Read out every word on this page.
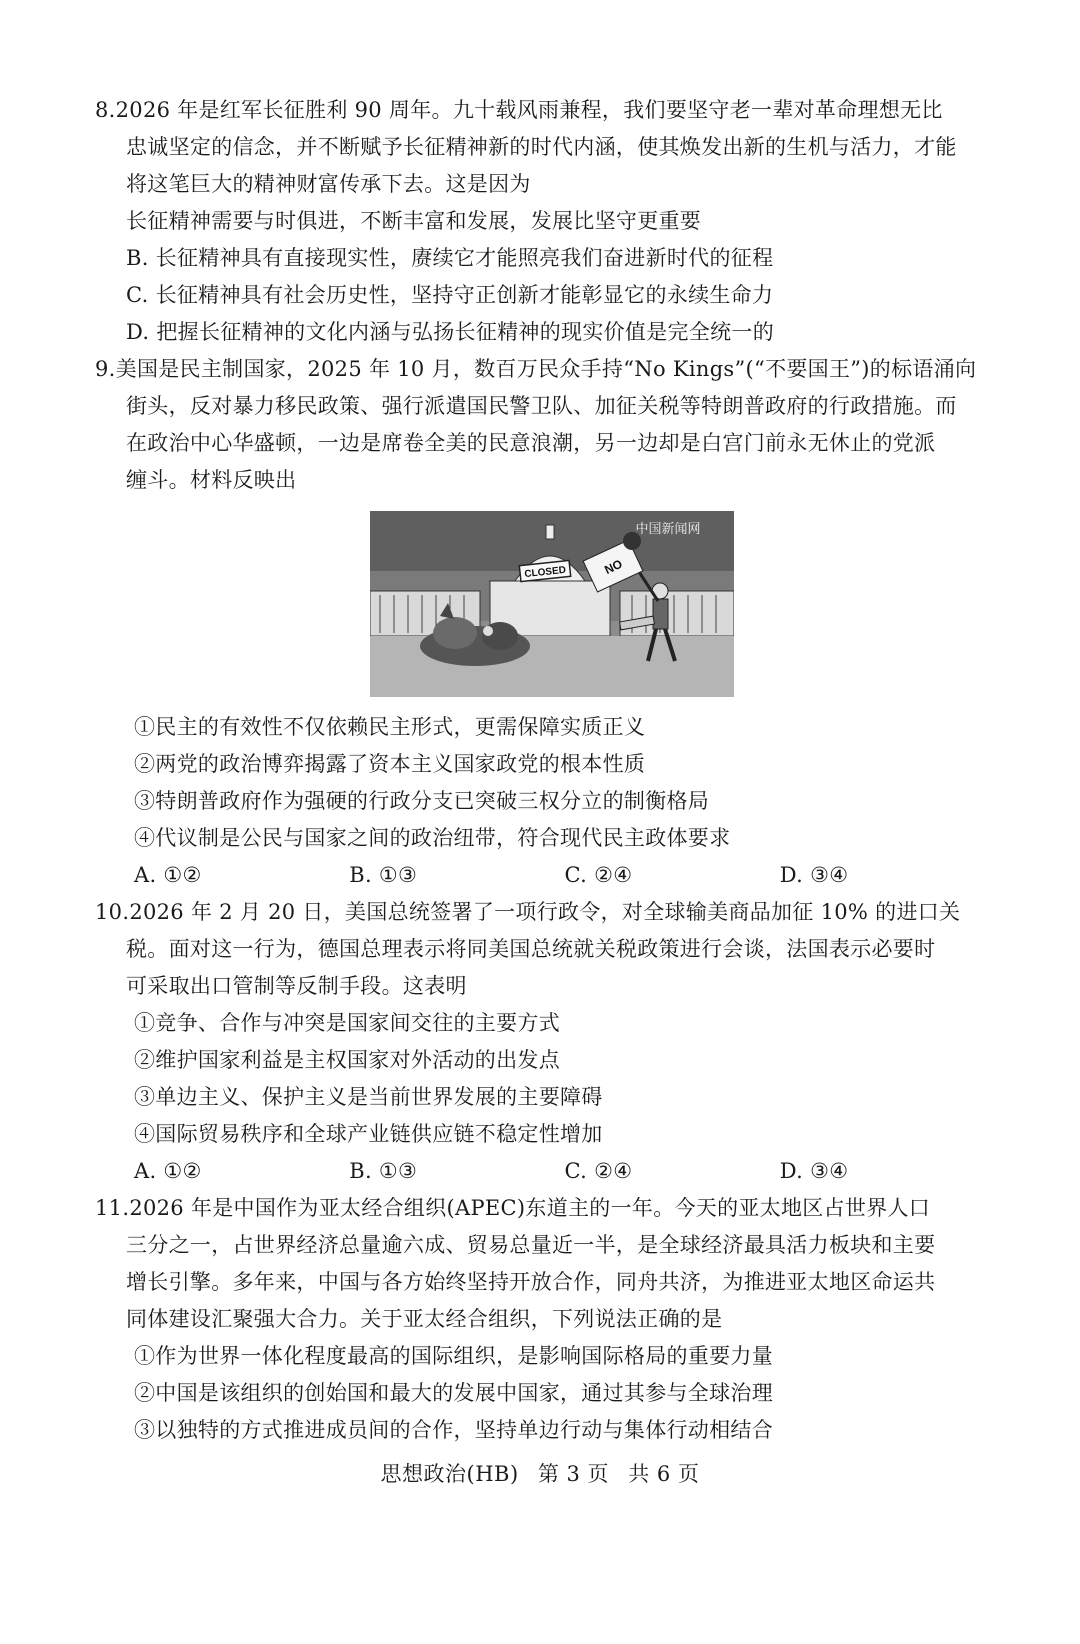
8.2026 年是红军长征胜利 90 周年。九十载风雨兼程，我们要坚守老一辈对革命理想无比
忠诚坚定的信念，并不断赋予长征精神新的时代内涵，使其焕发出新的生机与活力，才能
将这笔巨大的精神财富传承下去。这是因为
长征精神需要与时俱进，不断丰富和发展，发展比坚守更重要
B. 长征精神具有直接现实性，赓续它才能照亮我们奋进新时代的征程
C. 长征精神具有社会历史性，坚持守正创新才能彰显它的永续生命力
D. 把握长征精神的文化内涵与弘扬长征精神的现实价值是完全统一的
9.美国是民主制国家，2025 年 10 月，数百万民众手持“No Kings”(“不要国王”)的标语涌向
街头，反对暴力移民政策、强行派遣国民警卫队、加征关税等特朗普政府的行政措施。而
在政治中心华盛顿，一边是席卷全美的民意浪潮，另一边却是白宫门前永无休止的党派
缠斗。材料反映出
CLOSED	NO
中国新闻网
①民主的有效性不仅依赖民主形式，更需保障实质正义
②两党的政治博弈揭露了资本主义国家政党的根本性质
③特朗普政府作为强硬的行政分支已突破三权分立的制衡格局
④代议制是公民与国家之间的政治纽带，符合现代民主政体要求
A. ①②	B. ①③	C. ②④	D. ③④
10.2026 年 2 月 20 日，美国总统签署了一项行政令，对全球输美商品加征 10% 的进口关
税。面对这一行为，德国总理表示将同美国总统就关税政策进行会谈，法国表示必要时
可采取出口管制等反制手段。这表明
①竞争、合作与冲突是国家间交往的主要方式
②维护国家利益是主权国家对外活动的出发点
③单边主义、保护主义是当前世界发展的主要障碍
④国际贸易秩序和全球产业链供应链不稳定性增加
A. ①②	B. ①③	C. ②④	D. ③④
11.2026 年是中国作为亚太经合组织(APEC)东道主的一年。今天的亚太地区占世界人口
三分之一，占世界经济总量逾六成、贸易总量近一半，是全球经济最具活力板块和主要
增长引擎。多年来，中国与各方始终坚持开放合作，同舟共济，为推进亚太地区命运共
同体建设汇聚强大合力。关于亚太经合组织，下列说法正确的是
①作为世界一体化程度最高的国际组织，是影响国际格局的重要力量
②中国是该组织的创始国和最大的发展中国家，通过其参与全球治理
③以独特的方式推进成员间的合作，坚持单边行动与集体行动相结合
思想政治(HB) 第 3 页 共 6 页
